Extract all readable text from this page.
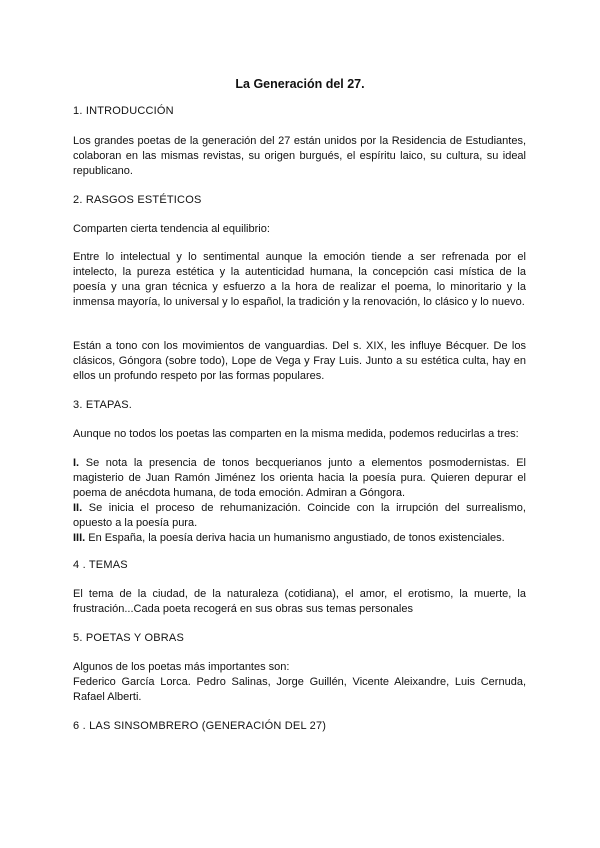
La Generación del 27.

1. INTRODUCCIÓN

Los grandes poetas de la generación del 27 están unidos por la Residencia de Estudiantes, colaboran en las mismas revistas, su origen burgués, el espíritu laico, su cultura, su ideal republicano.

2. RASGOS ESTÉTICOS

Comparten cierta tendencia al equilibrio:

Entre lo intelectual y lo sentimental aunque la emoción tiende a ser refrenada por el intelecto, la pureza estética y la autenticidad humana, la concepción casi mística de la poesía y una gran técnica y esfuerzo a la hora de realizar el poema, lo minoritario y la inmensa mayoría, lo universal y lo español, la tradición y la renovación, lo clásico y lo nuevo.

Están a tono con los movimientos de vanguardias. Del s. XIX, les influye Bécquer. De los clásicos, Góngora (sobre todo), Lope de Vega y Fray Luis. Junto a su estética culta, hay en ellos un profundo respeto por las formas populares.

3. ETAPAS.

Aunque no todos los poetas las comparten en la misma medida, podemos reducirlas a tres:

I. Se nota la presencia de tonos becquerianos junto a elementos posmodernistas. El magisterio de Juan Ramón Jiménez los orienta hacia la poesía pura. Quieren depurar el poema de anécdota humana, de toda emoción. Admiran a Góngora.
II. Se inicia el proceso de rehumanización. Coincide con la irrupción del surrealismo, opuesto a la poesía pura.
III. En España, la poesía deriva hacia un humanismo angustiado, de tonos existenciales.

4 . TEMAS

El tema de la ciudad, de la naturaleza (cotidiana), el amor, el erotismo, la muerte, la frustración...Cada poeta recogerá en sus obras sus temas personales

5. POETAS Y OBRAS

Algunos de los poetas más importantes son:

Federico García Lorca. Pedro Salinas, Jorge Guillén, Vicente Aleixandre, Luis Cernuda, Rafael Alberti.

6 . LAS SINSOMBRERO (GENERACIÓN DEL 27)
